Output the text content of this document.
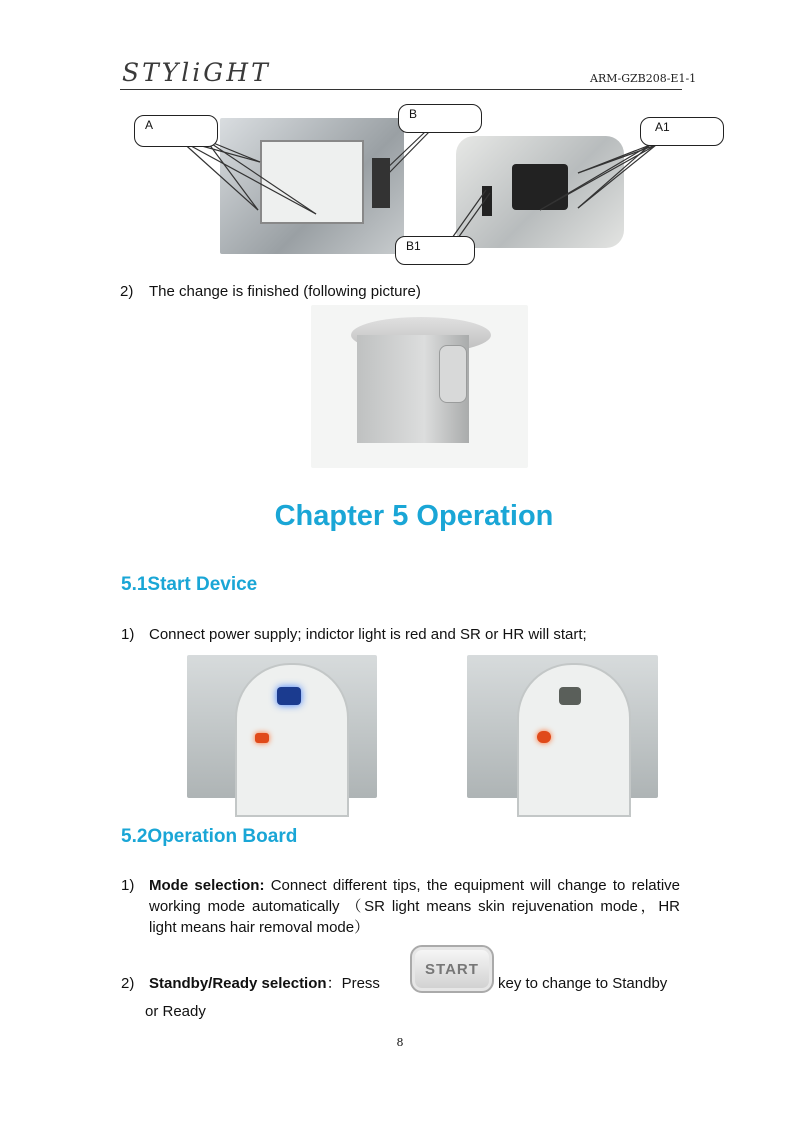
STYliGHT	ARM-GZB208-E1-1
A
B
A1
B1
2) The change is finished (following picture)
Chapter 5 Operation
5.1Start Device
1) Connect power supply; indictor light is red and SR or HR will start;
5.2Operation Board
1) Mode selection: Connect different tips, the equipment will change to relative working mode automatically （SR light means skin rejuvenation mode，HR light means hair removal mode）
2) Standby/Ready selection：Press
START
key to change to Standby
or Ready
8
